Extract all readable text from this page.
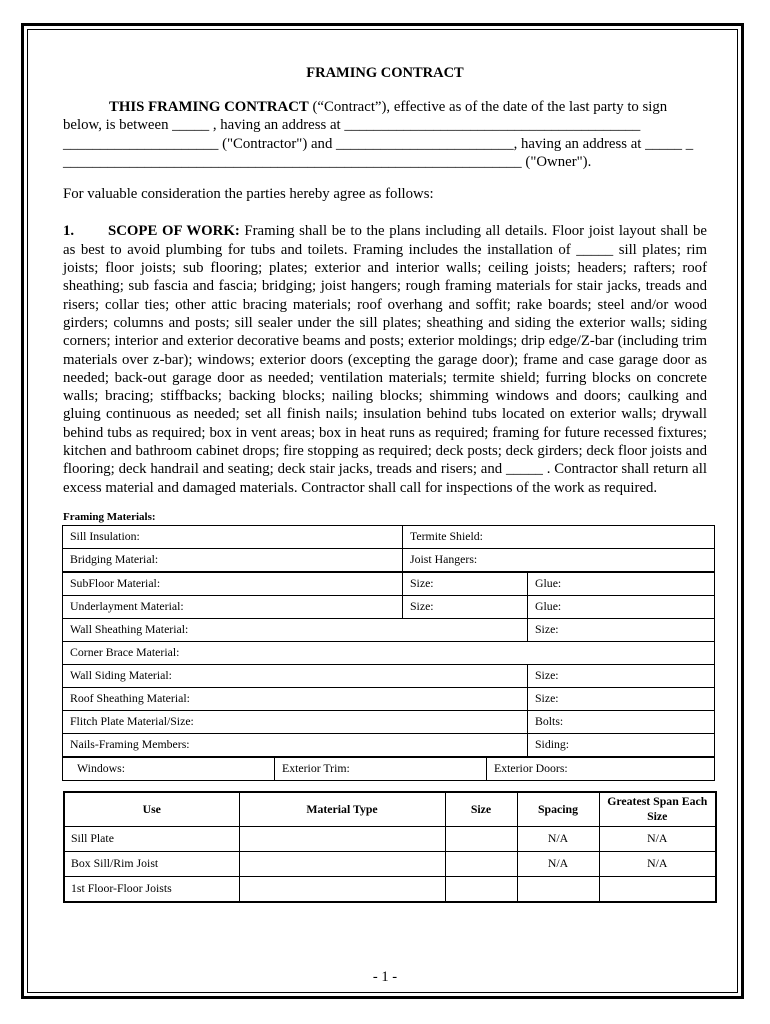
FRAMING CONTRACT

THIS FRAMING CONTRACT (“Contract”), effective as of the date of the last party to sign
below, is between _____ , having an address at ________________________________________
_____________________ ("Contractor") and ________________________, having an address at _____ _
______________________________________________________________ ("Owner").

For valuable consideration the parties hereby agree as follows:

1. SCOPE OF WORK: Framing shall be to the plans including all details. Floor joist layout shall be as best to avoid plumbing for tubs and toilets. Framing includes the installation of _____ sill plates; rim joists; floor joists; sub flooring; plates; exterior and interior walls; ceiling joists; headers; rafters; roof sheathing; sub fascia and fascia; bridging; joist hangers; rough framing materials for stair jacks, treads and risers; collar ties; other attic bracing materials; roof overhang and soffit; rake boards; steel and/or wood girders; columns and posts; sill sealer under the sill plates; sheathing and siding the exterior walls; siding corners; interior and exterior decorative beams and posts; exterior moldings; drip edge/Z-bar (including trim materials over z-bar); windows; exterior doors (excepting the garage door); frame and case garage door as needed; back-out garage door as needed; ventilation materials; termite shield; furring blocks on concrete walls; bracing; stiffbacks; backing blocks; nailing blocks; shimming windows and doors; caulking and gluing continuous as needed; set all finish nails; insulation behind tubs located on exterior walls; drywall behind tubs as required; box in vent areas; box in heat runs as required; framing for future recessed fixtures; kitchen and bathroom cabinet drops; fire stopping as required; deck posts; deck girders; deck floor joists and flooring; deck handrail and seating; deck stair jacks, treads and risers; and _____ . Contractor shall return all excess material and damaged materials. Contractor shall call for inspections of the work as required.

Framing Materials:
Sill Insulation:	Termite Shield:
Bridging Material:	Joist Hangers:
SubFloor Material:	Size:	Glue:
Underlayment Material:	Size:	Glue:
Wall Sheathing Material:		Size:
Corner Brace Material:		
Wall Siding Material:		Size:
Roof Sheathing Material:		Size:
Flitch Plate Material/Size:		Bolts:
Nails-Framing Members:		Siding:
Windows:	Exterior Trim:	Exterior Doors:
Use	Material Type	Size	Spacing	Greatest Span Each Size
Sill Plate			N/A	N/A
Box Sill/Rim Joist			N/A	N/A
1st Floor-Floor Joists				
- 1 -
